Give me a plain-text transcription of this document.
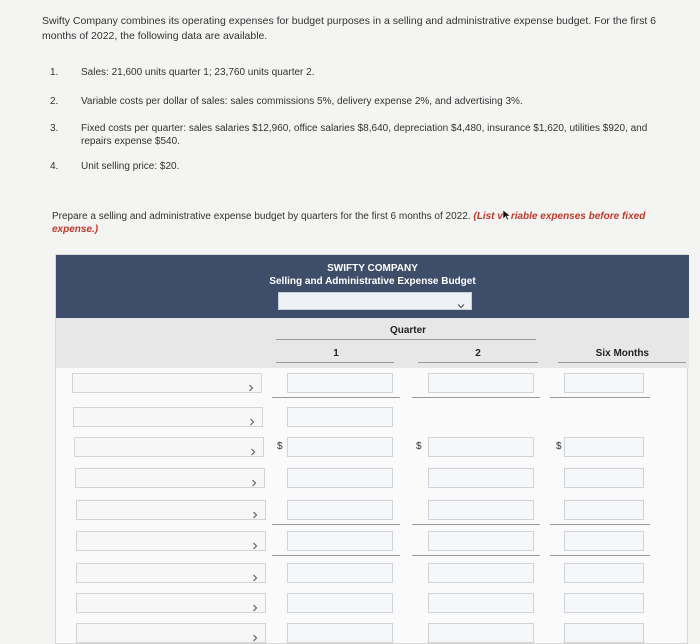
Swifty Company combines its operating expenses for budget purposes in a selling and administrative expense budget. For the first 6 months of 2022, the following data are available.
1.	Sales: 21,600 units quarter 1; 23,760 units quarter 2.
2.	Variable costs per dollar of sales: sales commissions 5%, delivery expense 2%, and advertising 3%.
3.	Fixed costs per quarter: sales salaries $12,960, office salaries $8,640, depreciation $4,480, insurance $1,620, utilities $920, and repairs expense $540.
4.	Unit selling price: $20.
Prepare a selling and administrative expense budget by quarters for the first 6 months of 2022. (List v riable expenses before fixed expense.)
SWIFTY COMPANY
Selling and Administrative Expense Budget
Quarter
1	2	Six Months
$	$	$
